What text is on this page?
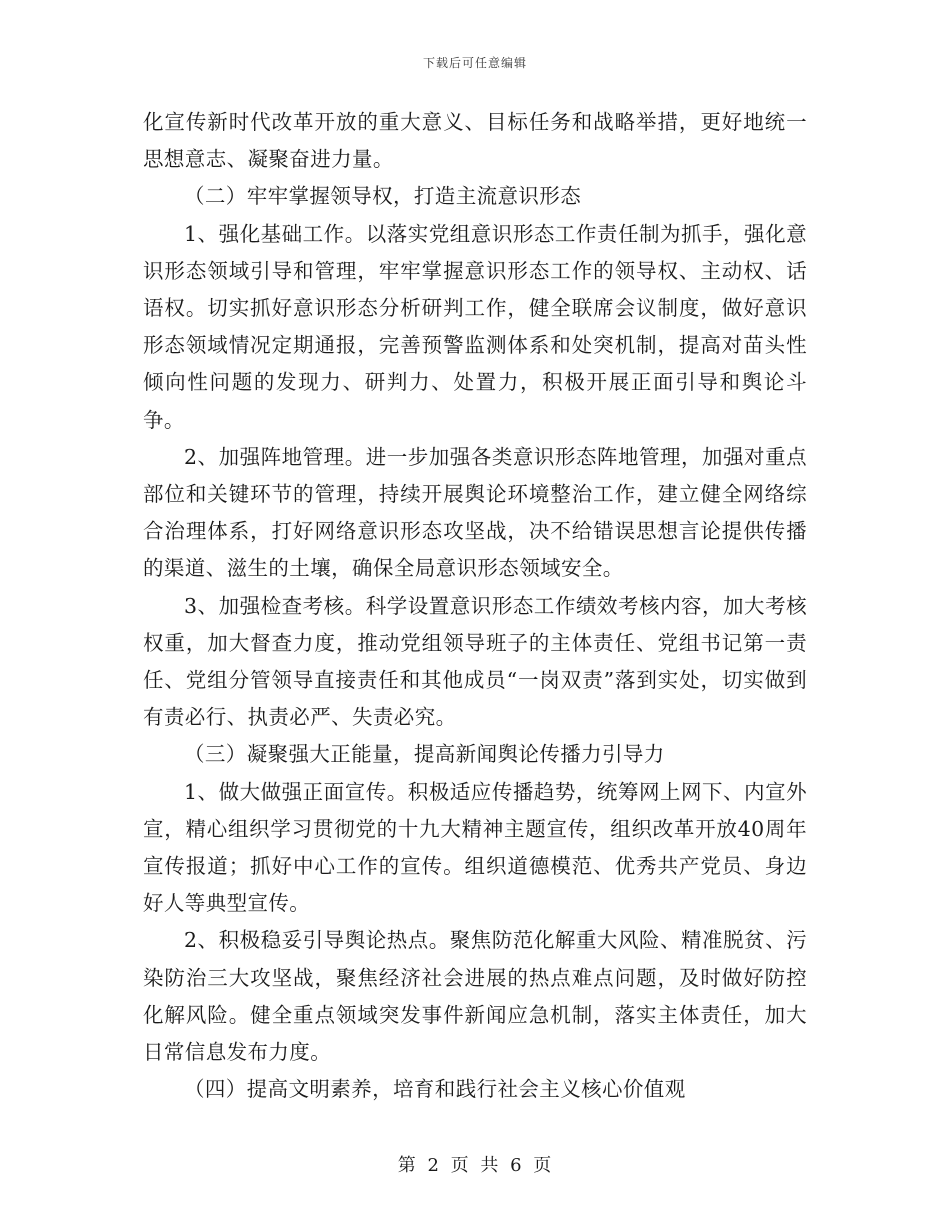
下载后可任意编辑

化宣传新时代改革开放的重大意义、目标任务和战略举措，更好地统一思想意志、凝聚奋进力量。

（二）牢牢掌握领导权，打造主流意识形态

1、强化基础工作。以落实党组意识形态工作责任制为抓手，强化意识形态领域引导和管理，牢牢掌握意识形态工作的领导权、主动权、话语权。切实抓好意识形态分析研判工作，健全联席会议制度，做好意识形态领域情况定期通报，完善预警监测体系和处突机制，提高对苗头性倾向性问题的发现力、研判力、处置力，积极开展正面引导和舆论斗争。

2、加强阵地管理。进一步加强各类意识形态阵地管理，加强对重点部位和关键环节的管理，持续开展舆论环境整治工作，建立健全网络综合治理体系，打好网络意识形态攻坚战，决不给错误思想言论提供传播的渠道、滋生的土壤，确保全局意识形态领域安全。

3、加强检查考核。科学设置意识形态工作绩效考核内容，加大考核权重，加大督查力度，推动党组领导班子的主体责任、党组书记第一责任、党组分管领导直接责任和其他成员“一岗双责”落到实处，切实做到有责必行、执责必严、失责必究。

（三）凝聚强大正能量，提高新闻舆论传播力引导力

1、做大做强正面宣传。积极适应传播趋势，统筹网上网下、内宣外宣，精心组织学习贯彻党的十九大精神主题宣传，组织改革开放40周年宣传报道；抓好中心工作的宣传。组织道德模范、优秀共产党员、身边好人等典型宣传。

2、积极稳妥引导舆论热点。聚焦防范化解重大风险、精准脱贫、污染防治三大攻坚战，聚焦经济社会进展的热点难点问题，及时做好防控化解风险。健全重点领域突发事件新闻应急机制，落实主体责任，加大日常信息发布力度。

（四）提高文明素养，培育和践行社会主义核心价值观

第 2 页 共 6 页
